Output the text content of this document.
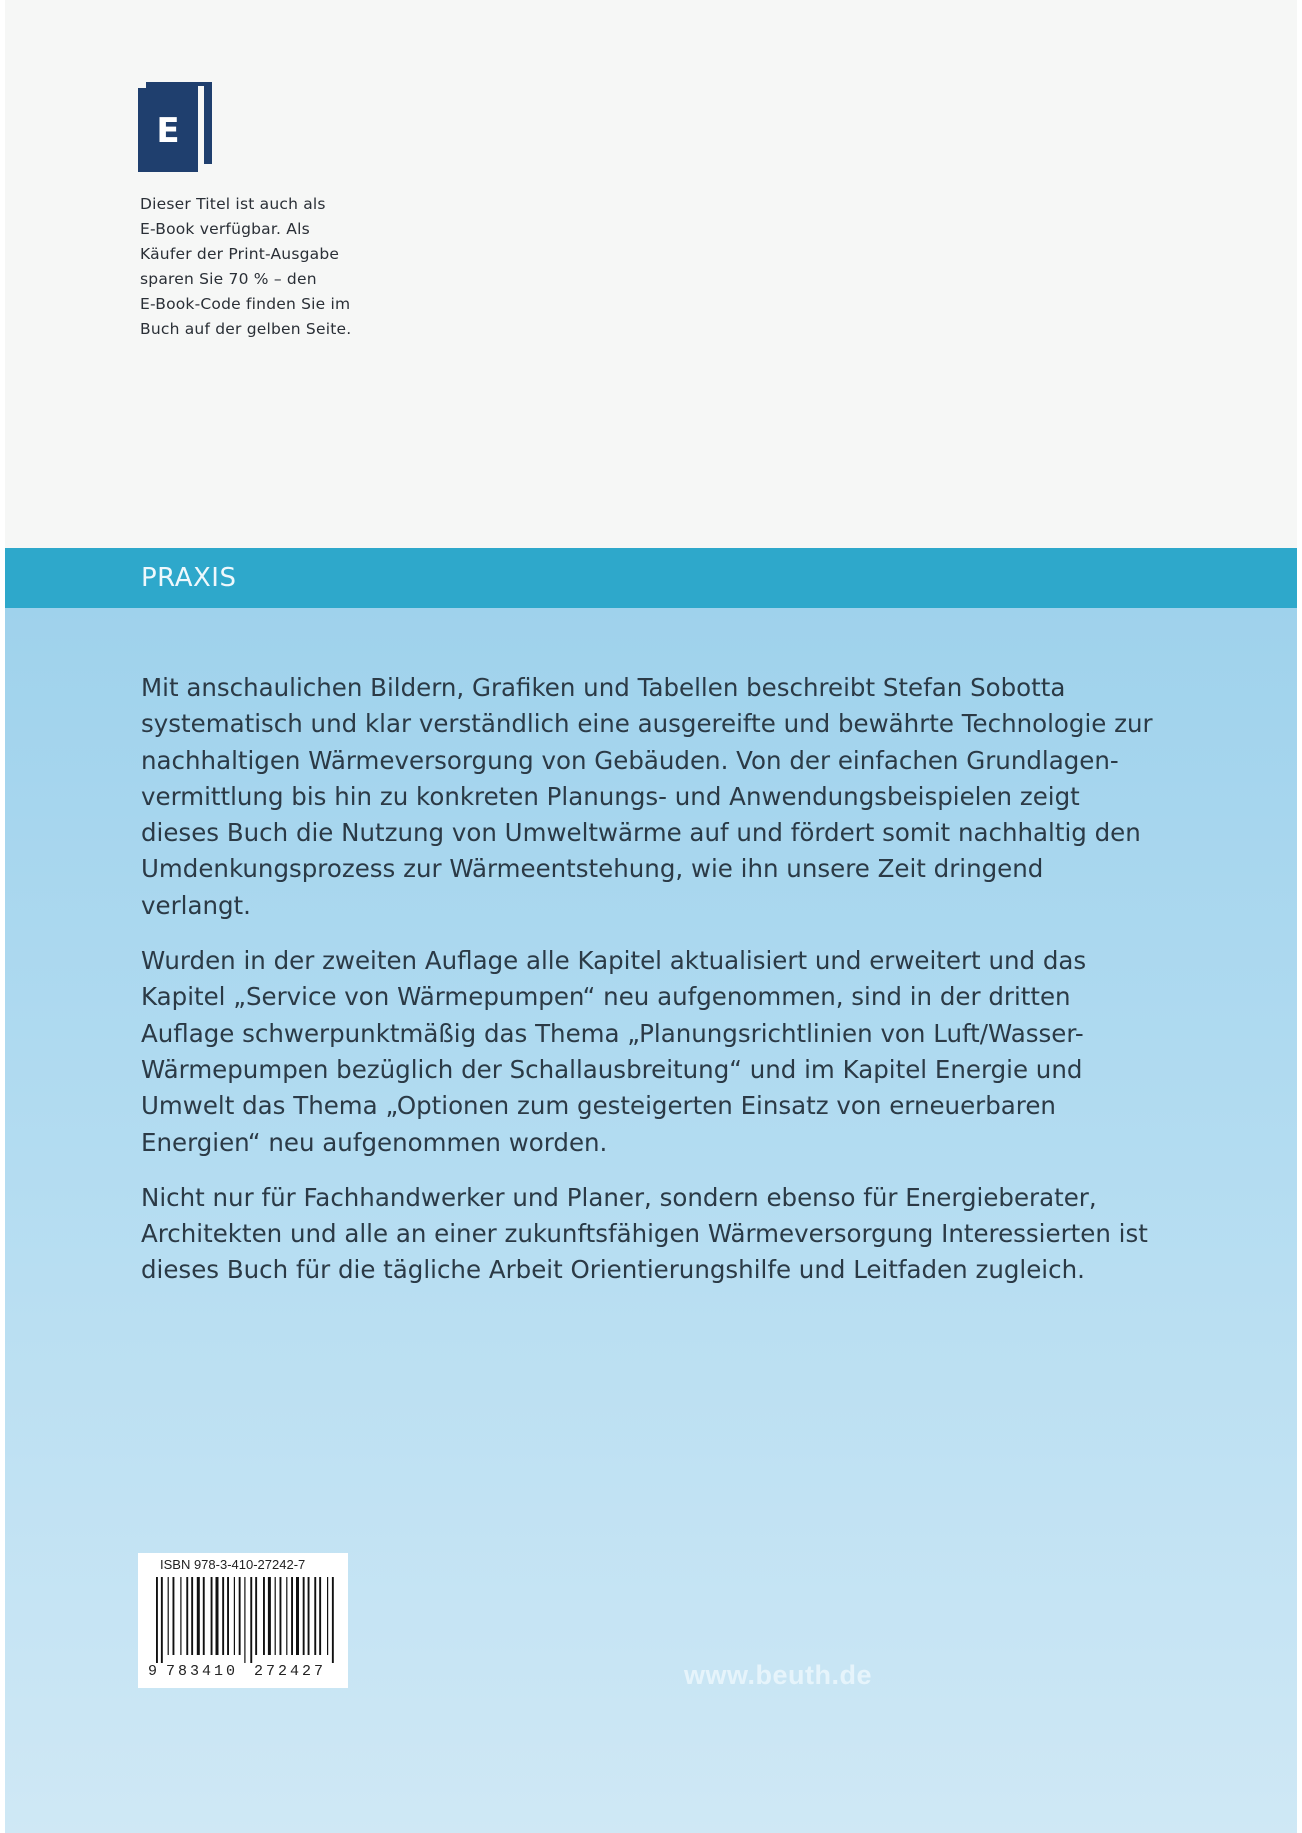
E
Dieser Titel ist auch als
E-Book verfügbar. Als
Käufer der Print-Ausgabe
sparen Sie 70 % – den
E-Book-Code finden Sie im
Buch auf der gelben Seite.
PRAXIS

Mit anschaulichen Bildern, Grafiken und Tabellen beschreibt Stefan Sobotta
systematisch und klar verständlich eine ausgereifte und bewährte Technologie zur
nachhaltigen Wärmeversorgung von Gebäuden. Von der einfachen Grundlagen-
vermittlung bis hin zu konkreten Planungs- und Anwendungsbeispielen zeigt
dieses Buch die Nutzung von Umweltwärme auf und fördert somit nachhaltig den
Umdenkungsprozess zur Wärmeentstehung, wie ihn unsere Zeit dringend
verlangt.

Wurden in der zweiten Auflage alle Kapitel aktualisiert und erweitert und das
Kapitel „Service von Wärmepumpen“ neu aufgenommen, sind in der dritten
Auflage schwerpunktmäßig das Thema „Planungsrichtlinien von Luft/Wasser-
Wärmepumpen bezüglich der Schallausbreitung“ und im Kapitel Energie und
Umwelt das Thema „Optionen zum gesteigerten Einsatz von erneuerbaren
Energien“ neu aufgenommen worden.

Nicht nur für Fachhandwerker und Planer, sondern ebenso für Energieberater,
Architekten und alle an einer zukunftsfähigen Wärmeversorgung Interessierten ist
dieses Buch für die tägliche Arbeit Orientierungshilfe und Leitfaden zugleich.

ISBN 978-3-410-27242-7
9 783410 272427	www.beuth.de
